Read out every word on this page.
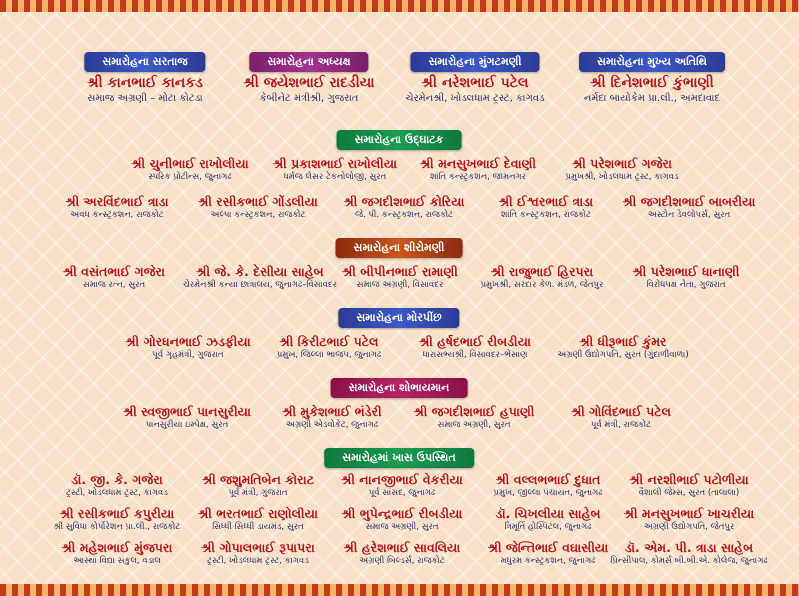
સમારોહના સરતાજ	સમારોહના અધ્યક્ષ	સમારોહના મુંગટમણી	સમારોહના મુખ્ય અતિથિ
શ્રી કાનભાઈ કાનકડ
સમાજ અગ્રણી – મોટા કોટડા
શ્રી જયેશભાઈ રાદડીયા
કેબીનેટ મંત્રીશ્રી, ગુજરાત
શ્રી નરેશભાઈ પટેલ
ચેરમેનશ્રી, ખોડલધામ ટ્રસ્ટ, કાગવડ
શ્રી દિનેશભાઈ કુંભાણી
નર્મદા બાયોકેમ પ્રા.લી., અમદાવાદ
સમારોહના ઉદ્ઘાટક
શ્રી ચુનીભાઈ રાખોલીયા
સ્પરિક પ્રોટીન્સ, જુનાગઢ
શ્રી પ્રકાશભાઈ રાખોલીયા
ધર્મજ લેસર ટેકનોલોજી, સુરત
શ્રી મનસુખભાઈ દેવાણી
શાંતિ કન્સ્ટ્રકશન, જામનગર
શ્રી પરેશભાઈ ગજેરા
પ્રમુખશ્રી, ખોડલધામ ટ્રસ્ટ, કાગવડ
શ્રી અરવિંદભાઈ ત્રાડા
અવધ કન્સ્ટ્રકશન, રાજકોટ
શ્રી રસીકભાઈ ગોંડલીયા
અલ્પા કન્સ્ટ્રકશન, રાજકોટ
શ્રી જગદીશભાઈ કોરિયા
જે. પી. કન્સ્ટ્રકશન, રાજકોટ
શ્રી ઈશ્વરભાઈ ત્રાડા
શાંતિ કન્સ્ટ્રકશન, રાજકોટ
શ્રી જગદીશભાઈ બાબરીયા
અસ્ટોન ડેવલોપર્સ, સુરત
સમારોહના શીરોમણી
શ્રી વસંતભાઈ ગજેરા
સમાજ રત્ન, સુરત
શ્રી જે. કે. દેસીયા સાહેબ
ચેરમેનશ્રી કન્યા છાત્રાલય, જુનાગઢ–વિસાવદર
શ્રી બીપીનભાઈ રામાણી
સમાજ અગ્રણી, વિસાવદર
શ્રી રાજુભાઈ હિરપરા
પ્રમુખશ્રી, સરદાર કેળ. મંડળ, જેતપુર
શ્રી પરેશભાઈ ધાનાણી
વિરોધપક્ષ નેતા, ગુજરાત
સમારોહના મોરપીંછ
શ્રી ગોરધનભાઈ ઝડફીયા
પૂર્વ ગૃહમંત્રી, ગુજરાત
શ્રી કિરીટભાઈ પટેલ
પ્રમુખ, જિલ્લા ભાજપ, જુનાગઢ
શ્રી હર્ષદભાઈ રીબડીયા
ધારાસભ્યશ્રી, વિસાવદર–ભેંસાણ
શ્રી ધીરૂભાઈ કુંમર
અગ્રણી ઉદ્યોગપતિ, સુરત (ગુંદાળીવાળા)
સમારોહના શોભાયમાન
શ્રી સ્વજીભાઈ પાનસુરીયા
પાનસુરીયા ઇમ્પેક્ષ, સુરત
શ્રી મુકેશભાઈ ભંડેરી
અગ્રણી એડવોકેટ, જુનાગઢ
શ્રી જગદીશભાઈ હપાણી
સમાજ અગ્રણી, સુરત
શ્રી ગોવિંદભાઈ પટેલ
પૂર્વ મંત્રી, રાજકોટ
સમારોહમાં ખાસ ઉપસ્થિત
ડૉ. જી. કે. ગજેરા
ટ્રસ્ટી, ખોડલધામ ટ્રસ્ટ, કાગવડ
શ્રી જશુમતિબેન કોરાટ
પૂર્વ મંત્રી, ગુજરાત
શ્રી નાનજીભાઈ વેકરીયા
પૂર્વ સાંસદ, જુનાગઢ
શ્રી વલ્લભભાઈ દુધાત
પ્રમુખ, જીલ્લા પંચાયત, જુનાગઢ
શ્રી નરશીભાઈ પટોળીયા
વૈશાલી જેમ્સ, સુરત (તાલાલા)
શ્રી રસીકભાઈ કપુરીયા
શ્રી સુવિધા કોર્પોરેશન પ્રા.લી., રાજકોટ
શ્રી ભરતભાઈ રાણોલીયા
સિધ્ધી સિધ્ધી ડાયમંડ, સુરત
શ્રી ભુપેન્દ્રભાઈ રીબડીયા
સમાજ અગ્રણી, સુરત
ડૉ. ચિખલીયા સાહેબ
ત્રિમૂર્તિ હોસ્પિટલ, જુનાગઢ
શ્રી મનસુખભાઈ ખાચરીયા
અગ્રણી ઉદ્યોગપતિ, જેતપુર
શ્રી મહેશભાઈ મુંજપરા
આસ્થા વિદ્યા સંકુલ, વડાલ
શ્રી ગોપાલભાઈ રૂપાપરા
ટ્રસ્ટી, ખોડલધામ ટ્રસ્ટ, કાગવડ
શ્રી હરેશભાઈ સાવલિયા
અગ્રણી બિલ્ડર્સ, રાજકોટ
શ્રી જેન્તિભાઈ વઘાસીયા
મધુરમ કન્સ્ટ્રકશન, જુનાગઢ
ડૉ. એમ. પી. ત્રાડા સાહેબ
પ્રિન્સીપાલ, કોમર્સ બી.બી.એ. કોલેજ, જુનાગઢ
